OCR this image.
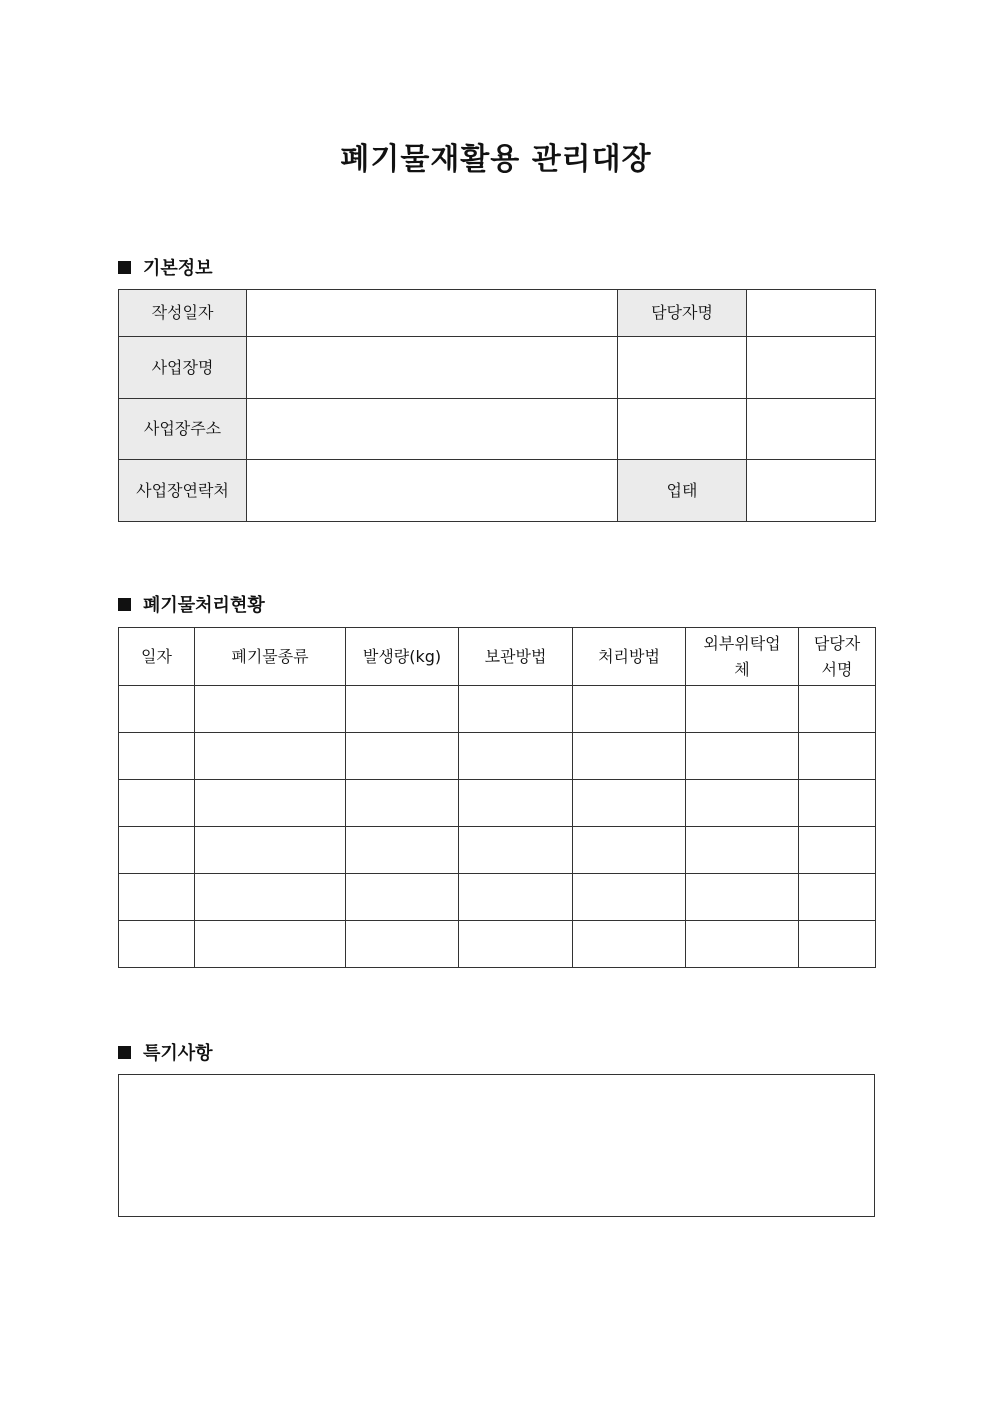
폐기물재활용 관리대장
기본정보
작성일자		담당자명	
사업장명			
사업장주소			
사업장연락처		업태	
폐기물처리현황
일자	폐기물종류	발생량(kg)	보관방법	처리방법	외부위탁업체	담당자서명

특기사항
